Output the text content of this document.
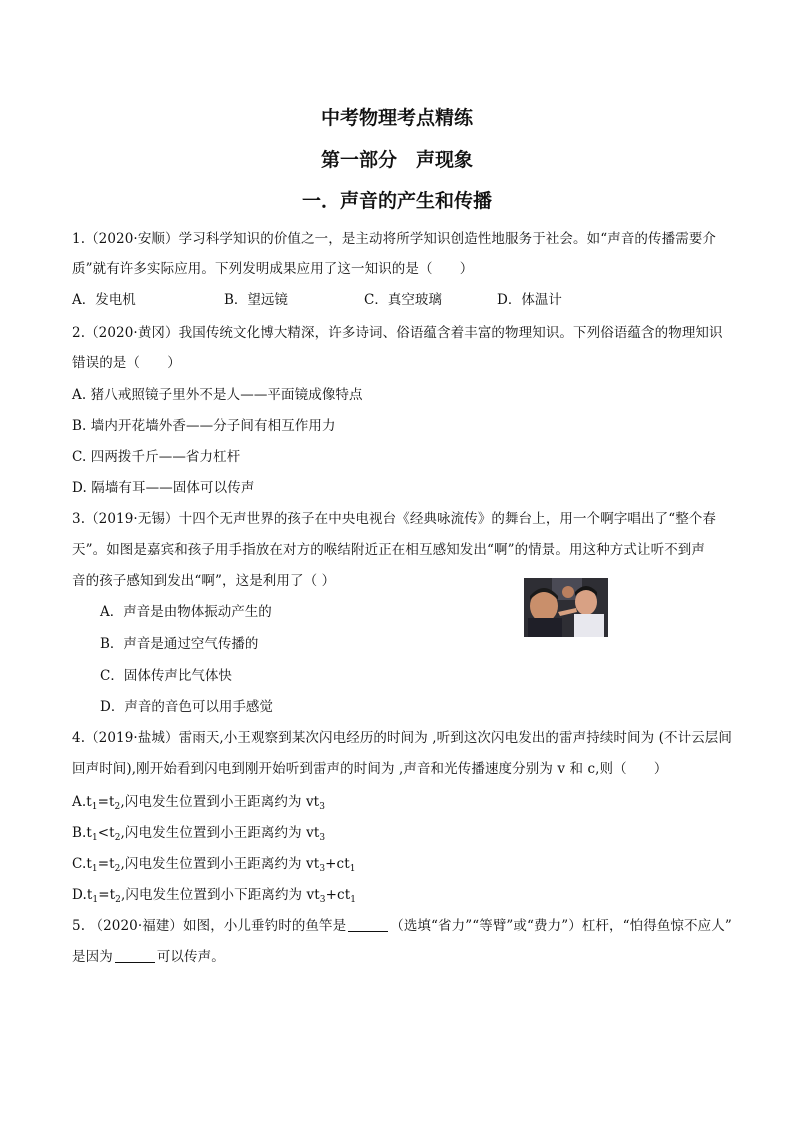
中考物理考点精练
第一部分　声现象
一．声音的产生和传播
1.（2020·安顺）学习科学知识的价值之一，是主动将所学知识创造性地服务于社会。如“声音的传播需要介
质”就有许多实际应用。下列发明成果应用了这一知识的是（　　）
A．发电机	B．望远镜	C．真空玻璃	D．体温计
2.（2020·黄冈）我国传统文化博大精深，许多诗词、俗语蕴含着丰富的物理知识。下列俗语蕴含的物理知识
错误的是（　　）
A. 猪八戒照镜子里外不是人——平面镜成像特点
B. 墙内开花墙外香——分子间有相互作用力
C. 四两拨千斤——省力杠杆
D. 隔墙有耳——固体可以传声
3.（2019·无锡）十四个无声世界的孩子在中央电视台《经典咏流传》的舞台上，用一个啊字唱出了“整个春
天”。如图是嘉宾和孩子用手指放在对方的喉结附近正在相互感知发出“啊”的情景。用这种方式让听不到声
音的孩子感知到发出“啊”，这是利用了（ ）
A．声音是由物体振动产生的
B．声音是通过空气传播的
C．固体传声比气体快
D．声音的音色可以用手感觉
4.（2019·盐城）雷雨天,小王观察到某次闪电经历的时间为 ,听到这次闪电发出的雷声持续时间为 (不计云层间
回声时间),刚开始看到闪电到刚开始听到雷声的时间为 ,声音和光传播速度分别为 v 和 c,则（　　）
$A.t_1=t_2$,闪电发生位置到小王距离约为 $vt_3$
$B.t_1<t_2$,闪电发生位置到小王距离约为 $vt_3$
$C.t_1=t_2$,闪电发生位置到小王距离约为 $vt_3+ct_1$
$D.t_1=t_2$,闪电发生位置到小下距离约为 $vt_3+ct_1$
5. （2020·福建）如图，小儿垂钓时的鱼竿是	（选填“省力”“等臂”或“费力”）杠杆，“怕得鱼惊不应人”
是因为	可以传声。
